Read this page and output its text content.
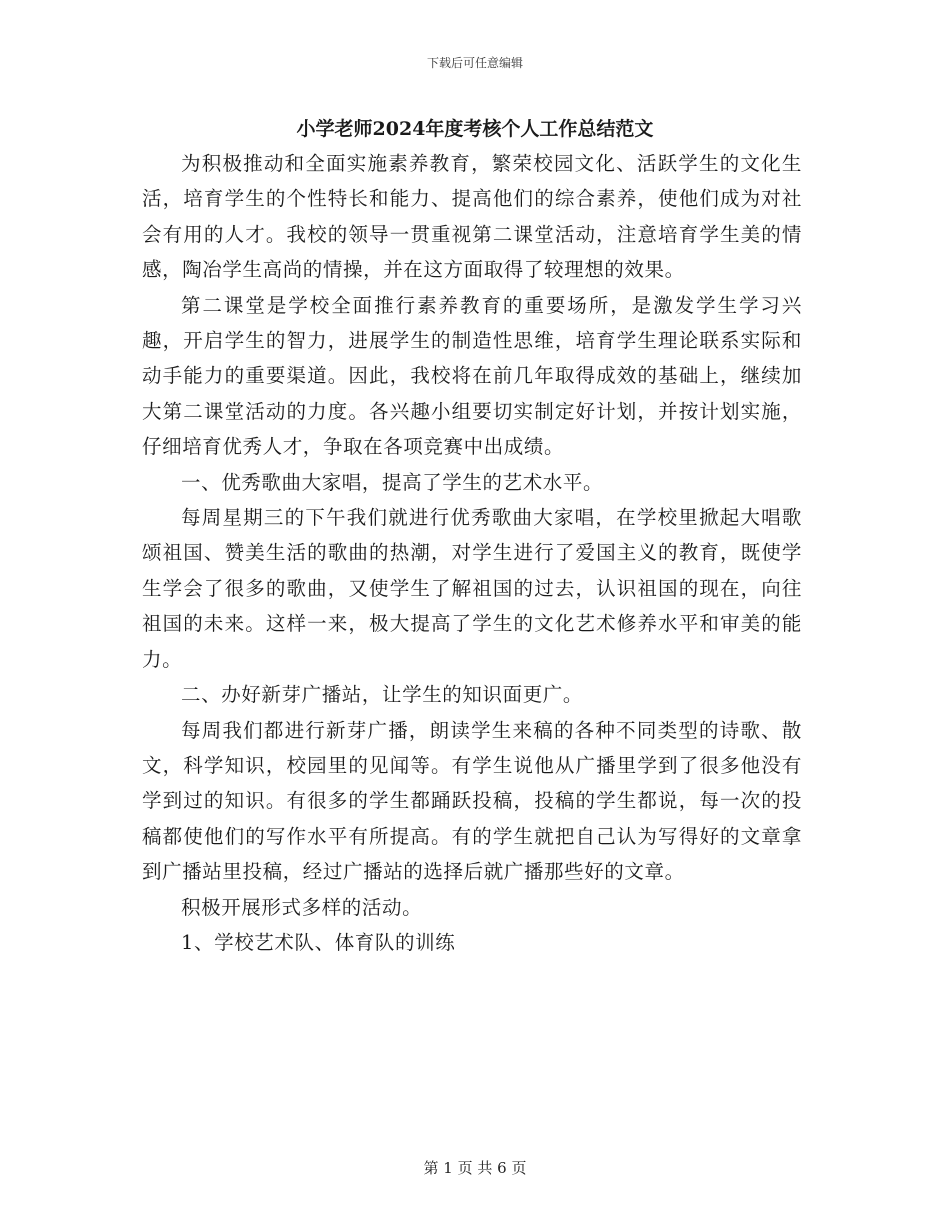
下载后可任意编辑
小学老师2024年度考核个人工作总结范文

为积极推动和全面实施素养教育，繁荣校园文化、活跃学生的文化生活，培育学生的个性特长和能力、提高他们的综合素养，使他们成为对社会有用的人才。我校的领导一贯重视第二课堂活动，注意培育学生美的情感，陶冶学生高尚的情操，并在这方面取得了较理想的效果。

第二课堂是学校全面推行素养教育的重要场所，是激发学生学习兴趣，开启学生的智力，进展学生的制造性思维，培育学生理论联系实际和动手能力的重要渠道。因此，我校将在前几年取得成效的基础上，继续加大第二课堂活动的力度。各兴趣小组要切实制定好计划，并按计划实施，仔细培育优秀人才，争取在各项竞赛中出成绩。

一、优秀歌曲大家唱，提高了学生的艺术水平。

每周星期三的下午我们就进行优秀歌曲大家唱，在学校里掀起大唱歌颂祖国、赞美生活的歌曲的热潮，对学生进行了爱国主义的教育，既使学生学会了很多的歌曲，又使学生了解祖国的过去，认识祖国的现在，向往祖国的未来。这样一来，极大提高了学生的文化艺术修养水平和审美的能力。

二、办好新芽广播站，让学生的知识面更广。

每周我们都进行新芽广播，朗读学生来稿的各种不同类型的诗歌、散文，科学知识，校园里的见闻等。有学生说他从广播里学到了很多他没有学到过的知识。有很多的学生都踊跃投稿，投稿的学生都说，每一次的投稿都使他们的写作水平有所提高。有的学生就把自己认为写得好的文章拿到广播站里投稿，经过广播站的选择后就广播那些好的文章。

积极开展形式多样的活动。

1、学校艺术队、体育队的训练

第 1 页 共 6 页
